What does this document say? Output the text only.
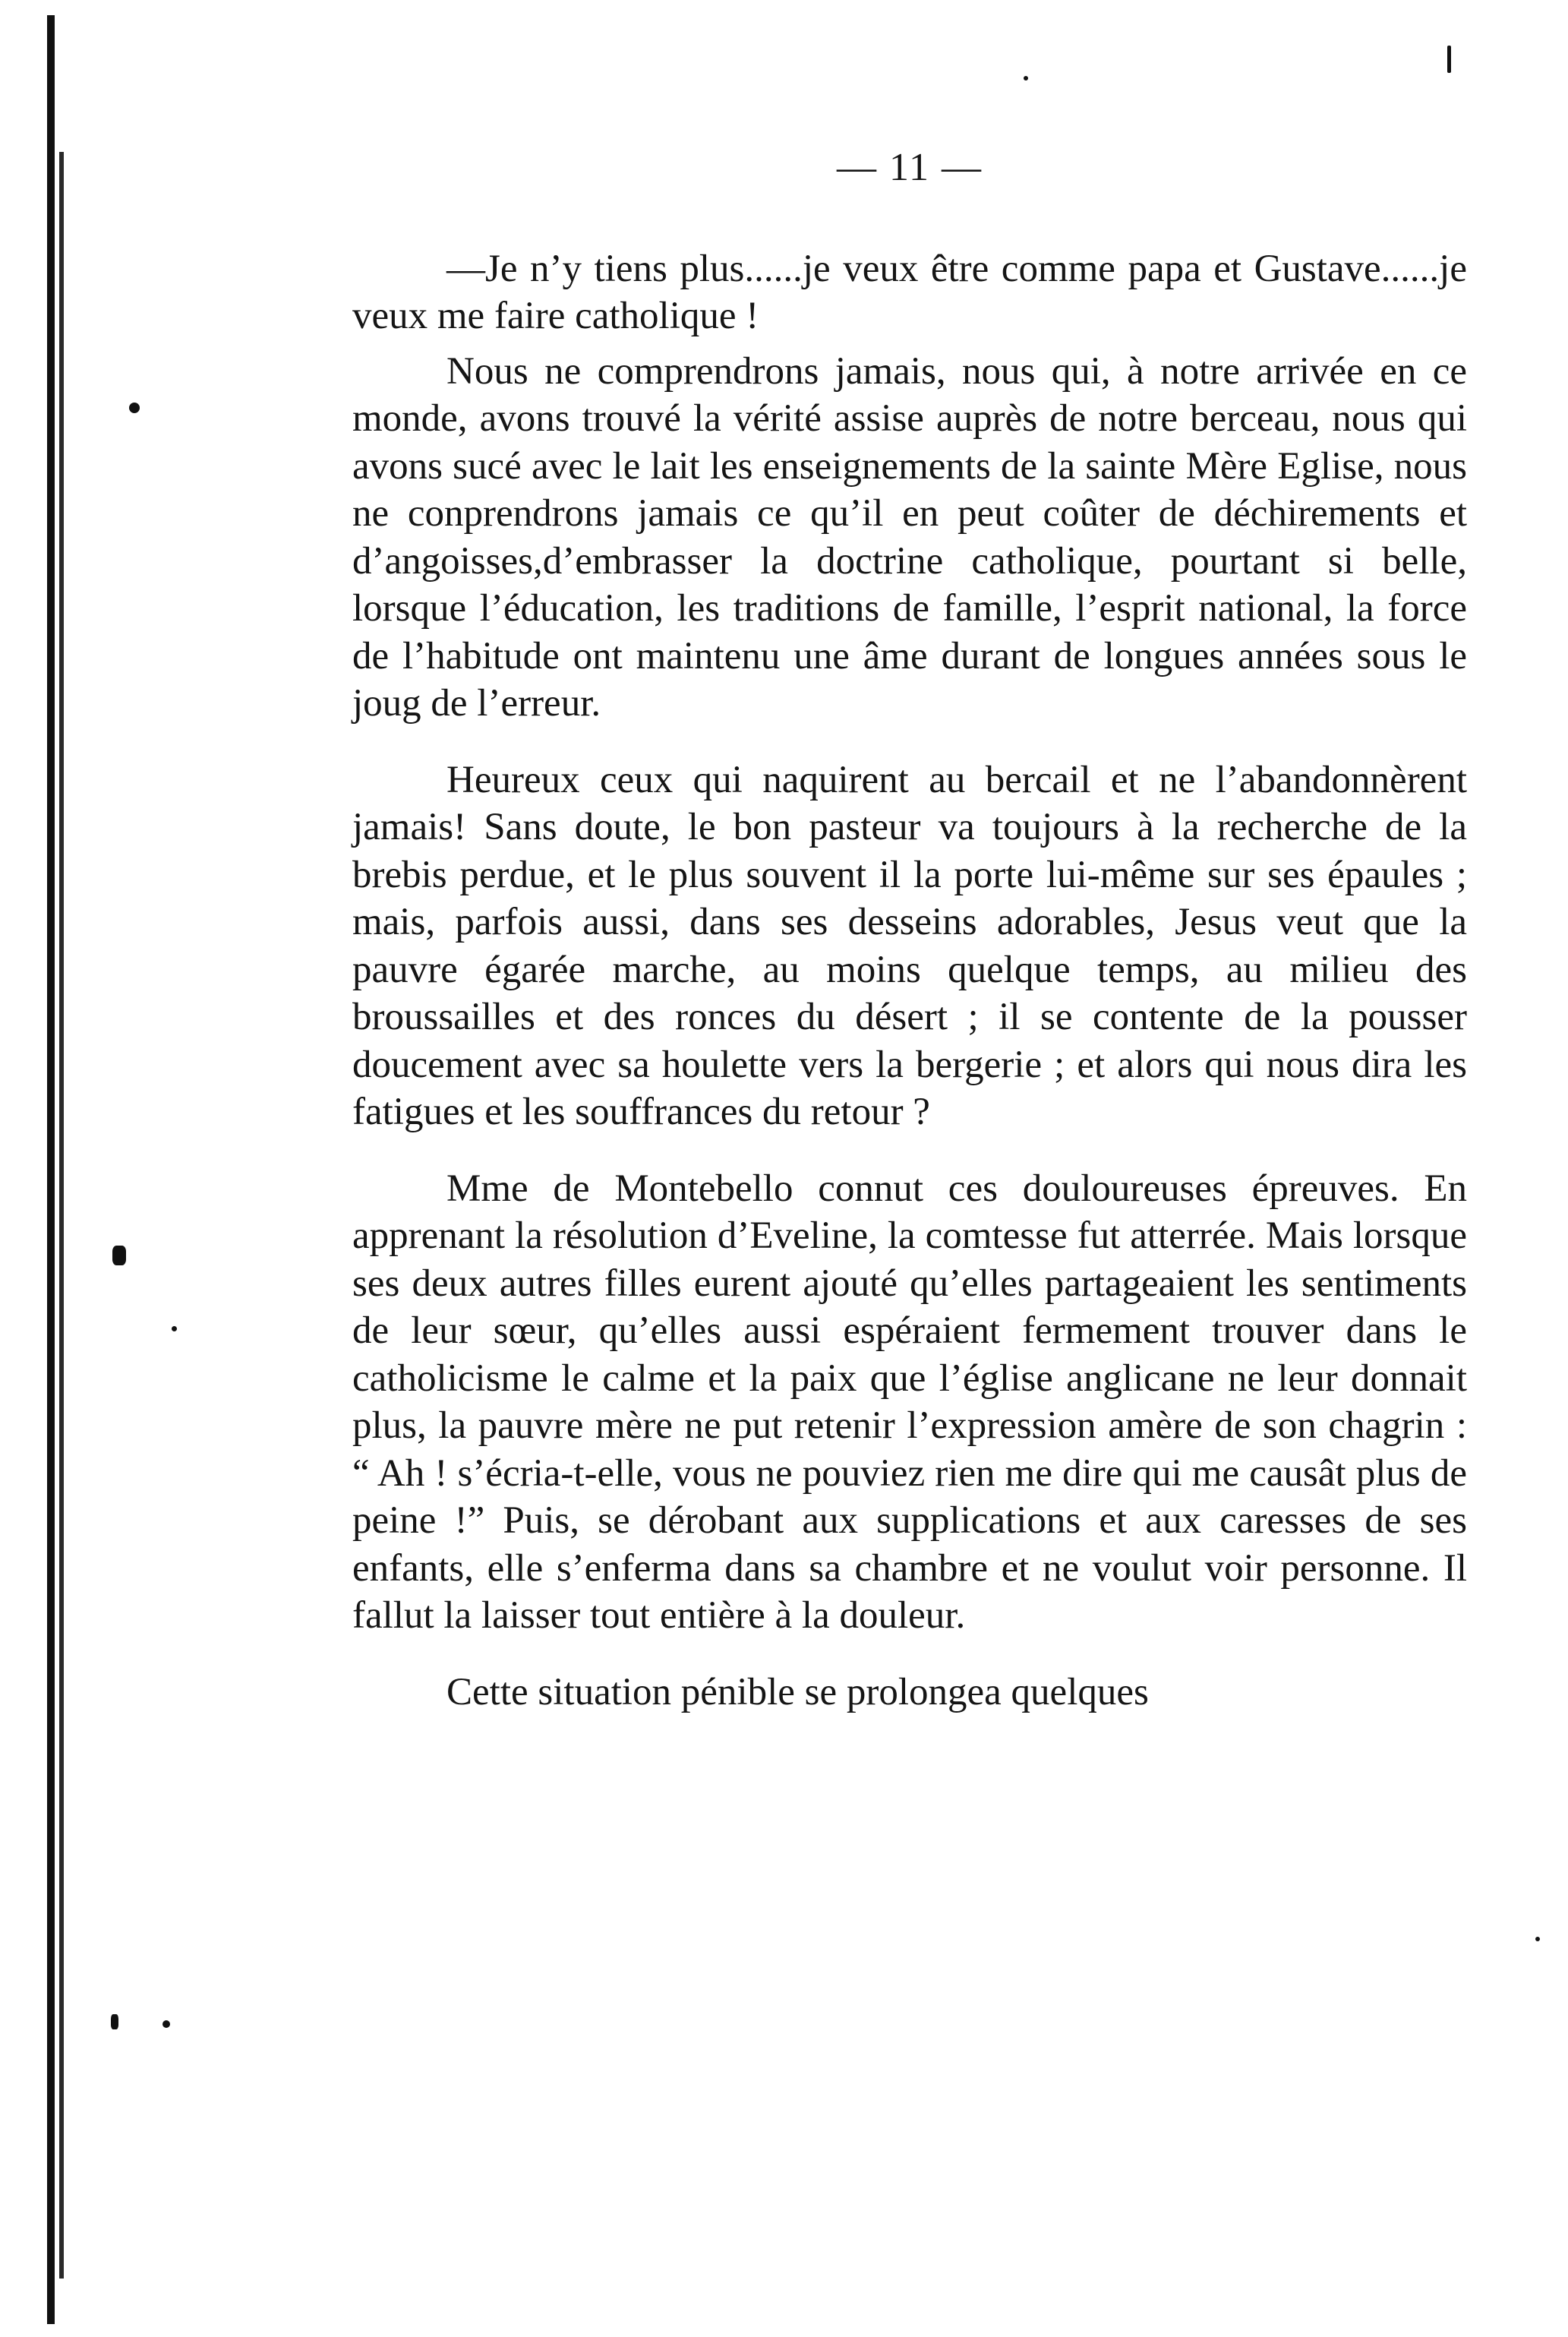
— 11 —

—Je n’y tiens plus......je veux être comme papa et Gustave......je veux me faire catholique !

Nous ne comprendrons jamais, nous qui, à notre arrivée en ce monde, avons trouvé la vérité assise auprès de notre berceau, nous qui avons sucé avec le lait les enseignements de la sainte Mère Eglise, nous ne conprendrons jamais ce qu’il en peut coûter de déchirements et d’angoisses,d’embrasser la doctrine catholique, pourtant si belle, lorsque l’éducation, les traditions de famille, l’esprit national, la force de l’habitude ont maintenu une âme durant de longues années sous le joug de l’erreur.

Heureux ceux qui naquirent au bercail et ne l’abandonnèrent jamais! Sans doute, le bon pasteur va toujours à la recherche de la brebis perdue, et le plus souvent il la porte lui-même sur ses épaules ; mais, parfois aussi, dans ses desseins adorables, Jesus veut que la pauvre égarée marche, au moins quelque temps, au milieu des broussailles et des ronces du désert ; il se contente de la pousser doucement avec sa houlette vers la bergerie ; et alors qui nous dira les fatigues et les souffrances du retour ?

Mme de Montebello connut ces douloureuses épreuves. En apprenant la résolution d’Eveline, la comtesse fut atterrée. Mais lorsque ses deux autres filles eurent ajouté qu’elles partageaient les sentiments de leur sœur, qu’elles aussi espéraient fermement trouver dans le catholicisme le calme et la paix que l’église anglicane ne leur donnait plus, la pauvre mère ne put retenir l’expression amère de son chagrin : “ Ah ! s’écria-t-elle, vous ne pouviez rien me dire qui me causât plus de peine !” Puis, se dérobant aux supplications et aux caresses de ses enfants, elle s’enferma dans sa chambre et ne voulut voir personne. Il fallut la laisser tout entière à la douleur.

Cette situation pénible se prolongea quelques
